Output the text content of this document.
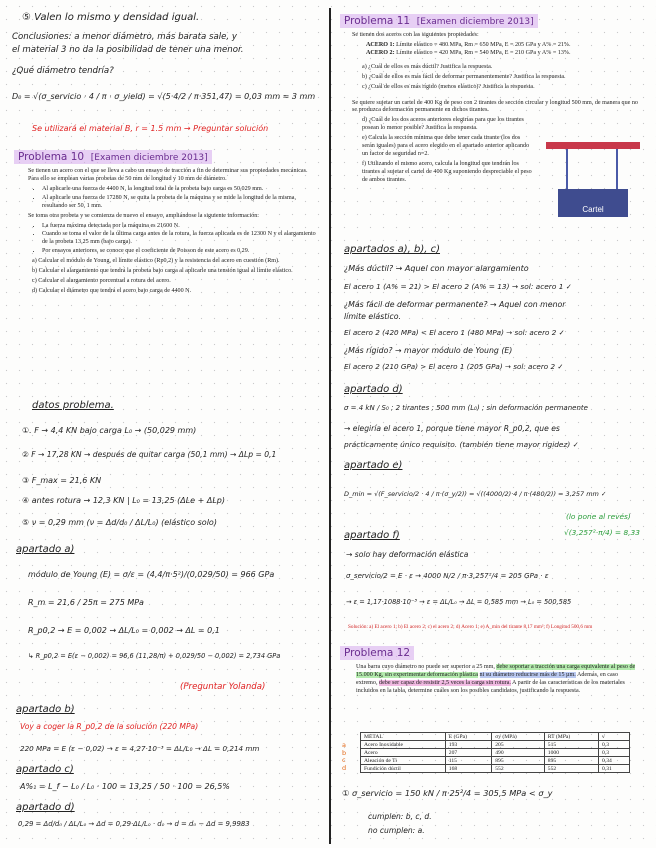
⑤ Valen lo mismo y densidad igual.
Conclusiones: a menor diámetro, más barata sale, y
el material 3 no da la posibilidad de tener una menor.
¿Qué diámetro tendría?
D₀ = √(σ_servicio · 4 / π · σ_yield) = √(5·4/2 / π·351,47) = 0,03 mm ≈ 3 mm
Se utilizará el material B, r = 1.5 mm → Preguntar solución
Problema 10 [Examen diciembre 2013]

Se tienen un acero con el que se lleva a cabo un ensayo de tracción a fin de determinar sus propiedades mecánicas. Para ello se emplean varias probetas de 50 mm de longitud y 10 mm de diámetro.

• Al aplicarle una fuerza de 4400 N, la longitud total de la probeta bajo carga es 50,029 mm.
• Al aplicarle una fuerza de 17280 N, se quita la probeta de la máquina y se mide la longitud de la misma, resultando ser 50, 1 mm.

Se toma otra probeta y se comienza de nuevo el ensayo, ampliándose la siguiente información:

• La fuerza máxima detectada por la máquina es 21600 N.
• Cuando se toma el valor de la última carga antes de la rotura, la fuerza aplicada es de 12300 N y el alargamiento de la probeta 13,25 mm (bajo carga).
• Por ensayos anteriores, se conoce que el coeficiente de Poisson de este acero es 0,29.

a) Calcular el módulo de Young, el límite elástico (Rp0,2) y la resistencia del acero en cuestión (Rm).

b) Calcular el alargamiento que tendrá la probeta bajo carga al aplicarle una tensión igual al límite elástico.

c) Calcular el alargamiento porcentual a rotura del acero.

d) Calcular el diámetro que tendrá el acero bajo carga de 4400 N.

datos problema.
①. F → 4,4 KN bajo carga L₀ → (50,029 mm)
② F → 17,28 KN → después de quitar carga (50,1 mm) → ΔLp = 0,1
③ F_max = 21,6 KN
④ antes rotura → 12,3 KN | L₀ = 13,25 (ΔLe + ΔLp)
⑤ ν = 0,29 mm (ν = Δd/d₀ / ΔL/L₀) (elástico solo)
apartado a)
módulo de Young (E) = σ/ε = (4,4/π·5²)/(0,029/50) = 966 GPa
R_m = 21,6 / 25π = 275 MPa
R_p0,2 → E = 0,002 → ΔL/L₀ = 0,002 → ΔL = 0,1
↳ R_p0,2 = E(ε − 0,002) = 96,6 (11,28/π) + 0,029/50 − 0,002) = 2,734 GPa
(Preguntar Yolanda)
apartado b)
Voy a coger la R_p0,2 de la solución (220 MPa)
220 MPa = E (ε − 0,02) → ε = 4,27·10⁻³ = ΔL/L₀ → ΔL = 0,214 mm
apartado c)
A%₁ = L_f − L₀ / L₀ · 100 = 13,25 / 50 · 100 = 26,5%
apartado d)
0,29 = Δd/d₀ / ΔL/L₀ → Δd = 0,29·ΔL/L₀ · d₀ → d = d₀ − Δd = 9,9983
Problema 11 [Examen diciembre 2013]

Se tienen dos aceros con las siguientes propiedades:

ACERO 1: Límite elástico = 480 MPa, Rm = 650 MPa, E = 205 GPa y A% = 21%.

ACERO 2: Límite elástico = 420 MPa, Rm = 540 MPa, E = 210 GPa y A% = 13%.

a) ¿Cuál de ellos es más dúctil? Justifica la respuesta.

b) ¿Cuál de ellos es más fácil de deformar permanentemente? Justifica la respuesta.

c) ¿Cuál de ellos es más rígido (menos elástico)? Justifica la respuesta.

Se quiere sujetar un cartel de 400 Kg de peso con 2 tirantes de sección circular y longitud 500 mm, de manera que no se produzca deformación permanente en dichos tirantes.

d) ¿Cuál de los dos aceros anteriores elegirías para que los tirantes posean lo menor posible? Justifica la respuesta.

e) Calcula la sección mínima que debe tener cada tirante (los dos serán iguales) para el acero elegido en el apartado anterior aplicando un factor de seguridad n=2.

f) Utilizando el mismo acero, calcula la longitud que tendrán los tirantes al sujetar el cartel de 400 Kg suponiendo despreciable el peso de ambos tirantes.

Cartel
apartados a), b), c)
¿Más dúctil? → Aquel con mayor alargamiento
El acero 1 (A% = 21) > El acero 2 (A% = 13) → sol: acero 1 ✓
¿Más fácil de deformar permanente? → Aquel con menor
límite elástico.
El acero 2 (420 MPa) < El acero 1 (480 MPa) → sol: acero 2 ✓
¿Más rígido? → mayor módulo de Young (E)
El acero 2 (210 GPa) > El acero 1 (205 GPa) → sol: acero 2 ✓
apartado d)
σ = 4 kN / S₀ ; 2 tirantes ; 500 mm (L₀) ; sin deformación permanente
→ elegiría el acero 1, porque tiene mayor R_p0,2, que es
prácticamente único requisito. (también tiene mayor rigidez) ✓
apartado e)
D_min = √(F_servicio/2 · 4 / π·(σ_y/2)) = √((4000/2)·4 / π·(480/2)) = 3,257 mm ✓
(lo pone al revés)
√(3,257²·π/4) = 8,33
apartado f)
→ solo hay deformación elástica
σ_servicio/2 = E · ε → 4000 N/2 / π·3,257²/4 = 205 GPa · ε
→ ε = 1,17·1088·10⁻³ → ε = ΔL/L₀ → ΔL = 0,585 mm → L₀ = 500,585
Solución: a) El acero 1; b) El acero 2; c) el acero 2; d) Acero 1; e) A_min del tirante 8,17 mm²; f) Longitud 500,6 mm
Problema 12

Una barra cuyo diámetro no puede ser superior a 25 mm, debe soportar a tracción una carga equivalente al peso de 15.000 Kg, sin experimentar deformación plástica ni su diámetro reducirse más de 15 µm. Además, en caso extremo, debe ser capaz de resistir 2,5 veces la carga sin rotura. A partir de las características de los materiales incluidos en la tabla, determine cuáles son los posibles candidatos, justificando la respuesta.

METAL	E (GPa)	σy (MPa)	RT (MPa)	ν
Acero Inoxidable	193	205	515	0,3
Acero	207	490	1000	0,3
Aleación de Ti	115	895	895	0,34
Fundición dúctil	168	552	552	0,31
a
b
c
d
① σ_servicio = 150 kN / π·25²/4 = 305,5 MPa < σ_y
cumplen: b, c, d.
no cumplen: a.
